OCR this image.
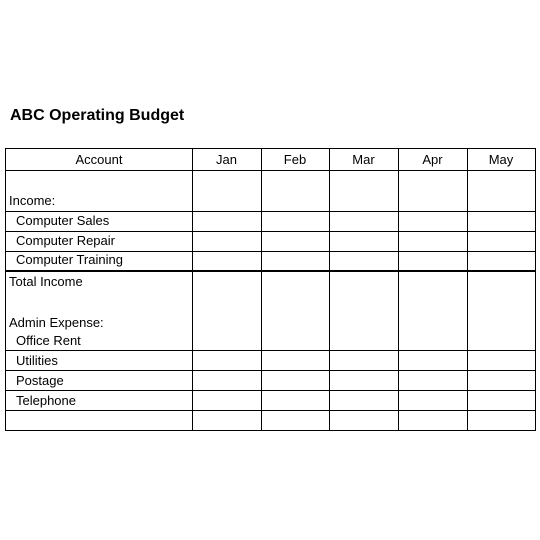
ABC Operating Budget
Account	Jan	Feb	Mar	Apr	May
Income:
Computer Sales
Computer Repair
Computer Training
Total Income
Admin Expense:
Office Rent
Utilities
Postage
Telephone
